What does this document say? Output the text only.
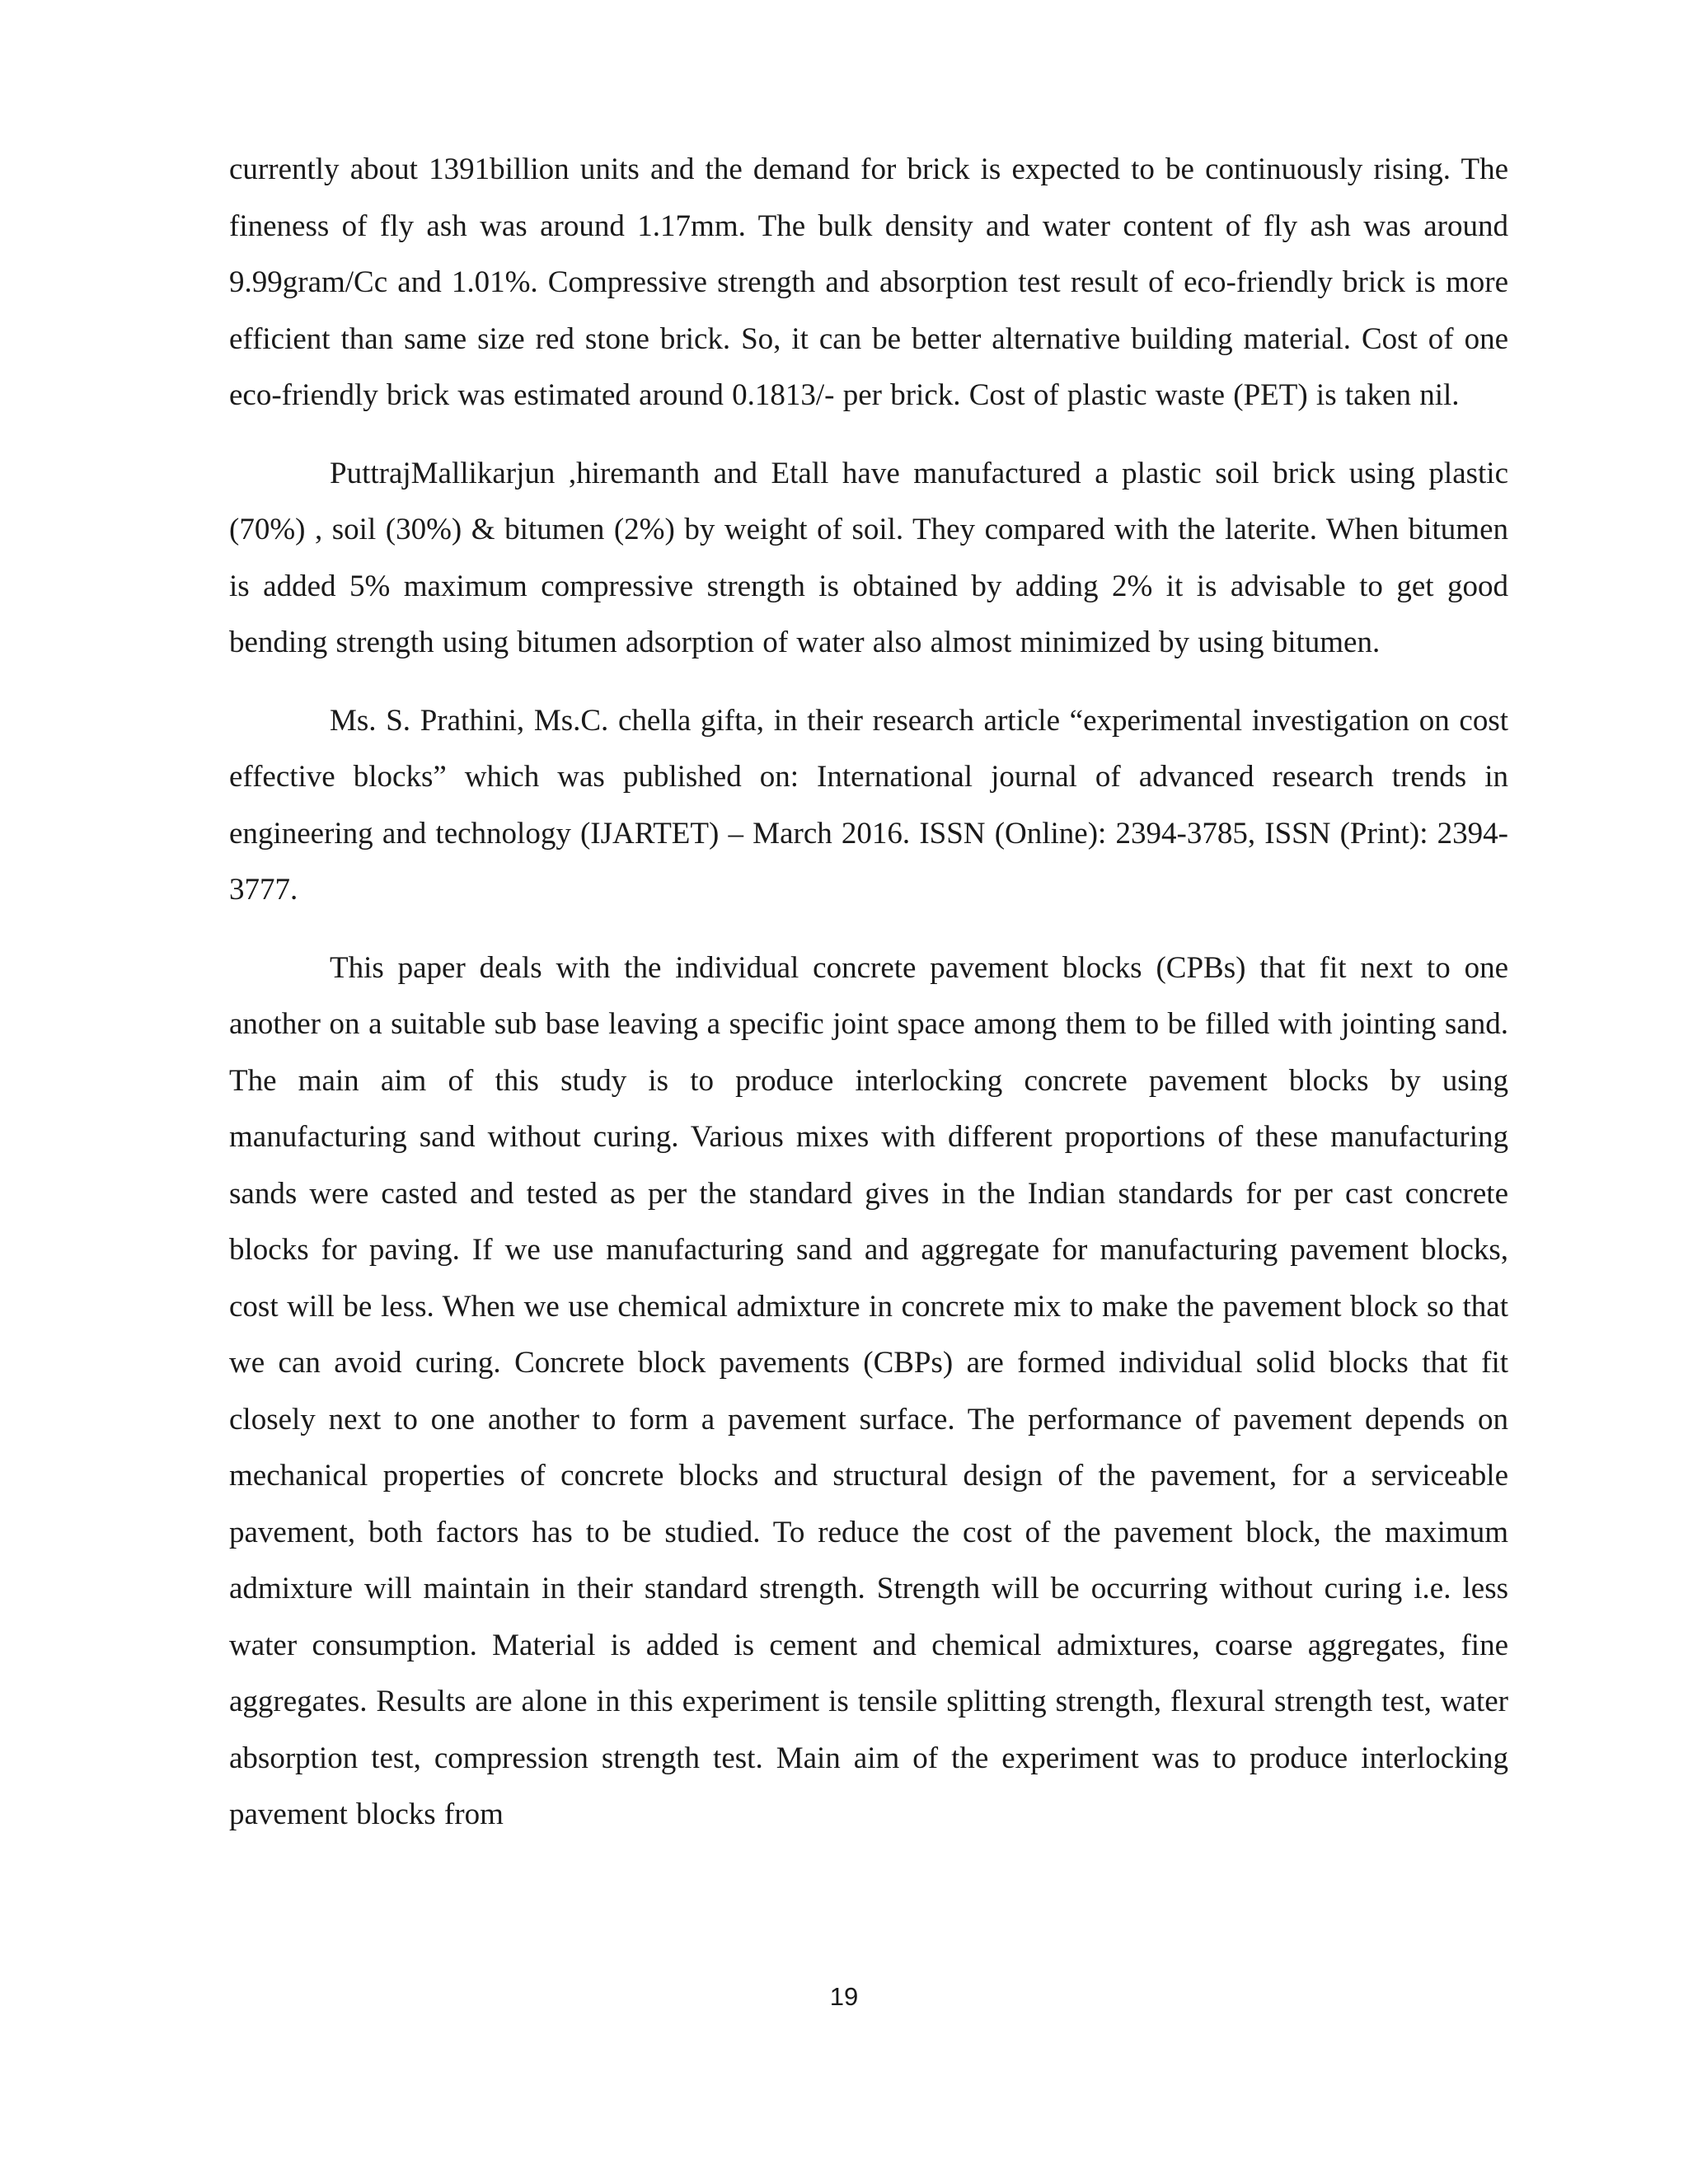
currently about 1391billion units and the demand for brick is expected to be continuously rising. The fineness of fly ash was around 1.17mm. The bulk density and water content of fly ash was around 9.99gram/Cc and 1.01%. Compressive strength and absorption test result of eco-friendly brick is more efficient than same size red stone brick. So, it can be better alternative building material. Cost of one eco-friendly brick was estimated around 0.1813/- per brick. Cost of plastic waste (PET) is taken nil.

PuttrajMallikarjun ,hiremanth and Etall have manufactured a plastic soil brick using plastic (70%) , soil (30%) & bitumen (2%) by weight of soil. They compared with the laterite. When bitumen is added 5% maximum compressive strength is obtained by adding 2% it is advisable to get good bending strength using bitumen adsorption of water also almost minimized by using bitumen.

Ms. S. Prathini, Ms.C. chella gifta, in their research article “experimental investigation on cost effective blocks” which was published on: International journal of advanced research trends in engineering and technology (IJARTET) – March 2016. ISSN (Online): 2394-3785, ISSN (Print): 2394-3777.

This paper deals with the individual concrete pavement blocks (CPBs) that fit next to one another on a suitable sub base leaving a specific joint space among them to be filled with jointing sand. The main aim of this study is to produce interlocking concrete pavement blocks by using manufacturing sand without curing. Various mixes with different proportions of these manufacturing sands were casted and tested as per the standard gives in the Indian standards for per cast concrete blocks for paving. If we use manufacturing sand and aggregate for manufacturing pavement blocks, cost will be less. When we use chemical admixture in concrete mix to make the pavement block so that we can avoid curing. Concrete block pavements (CBPs) are formed individual solid blocks that fit closely next to one another to form a pavement surface. The performance of pavement depends on mechanical properties of concrete blocks and structural design of the pavement, for a serviceable pavement, both factors has to be studied. To reduce the cost of the pavement block, the maximum admixture will maintain in their standard strength. Strength will be occurring without curing i.e. less water consumption. Material is added is cement and chemical admixtures, coarse aggregates, fine aggregates. Results are alone in this experiment is tensile splitting strength, flexural strength test, water absorption test, compression strength test. Main aim of the experiment was to produce interlocking pavement blocks from

19
